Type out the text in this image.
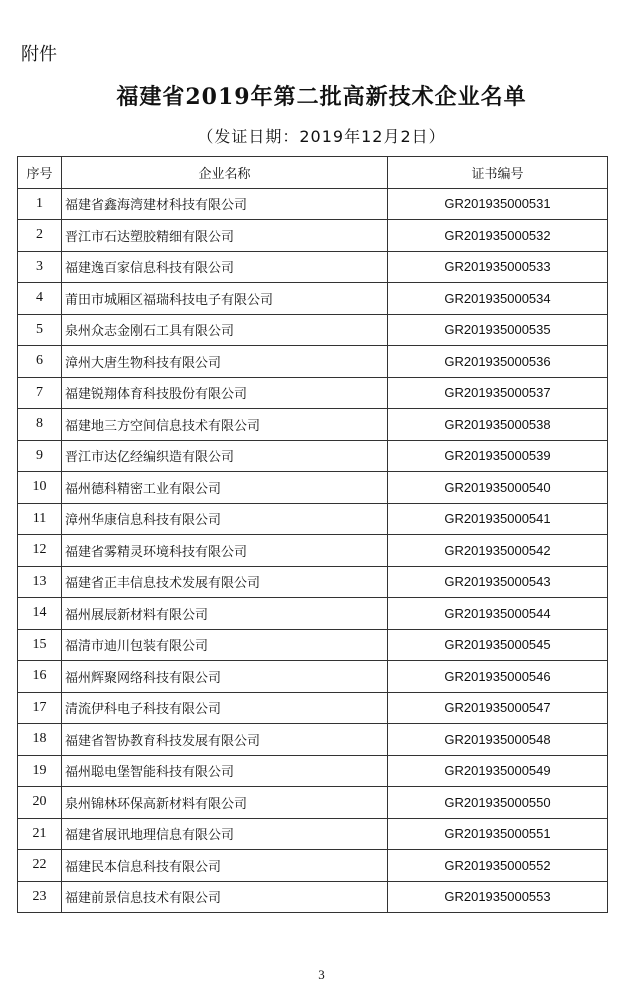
附件
福建省2019年第二批高新技术企业名单
（发证日期：2019年12月2日）
序号	企业名称	证书编号
1	福建省鑫海湾建材科技有限公司	GR201935000531
2	晋江市石达塑胶精细有限公司	GR201935000532
3	福建逸百家信息科技有限公司	GR201935000533
4	莆田市城厢区福瑞科技电子有限公司	GR201935000534
5	泉州众志金刚石工具有限公司	GR201935000535
6	漳州大唐生物科技有限公司	GR201935000536
7	福建锐翔体育科技股份有限公司	GR201935000537
8	福建地三方空间信息技术有限公司	GR201935000538
9	晋江市达亿经编织造有限公司	GR201935000539
10	福州德科精密工业有限公司	GR201935000540
11	漳州华康信息科技有限公司	GR201935000541
12	福建省雾精灵环境科技有限公司	GR201935000542
13	福建省正丰信息技术发展有限公司	GR201935000543
14	福州展辰新材料有限公司	GR201935000544
15	福清市迪川包装有限公司	GR201935000545
16	福州辉聚网络科技有限公司	GR201935000546
17	清流伊科电子科技有限公司	GR201935000547
18	福建省智协教育科技发展有限公司	GR201935000548
19	福州聪电堡智能科技有限公司	GR201935000549
20	泉州锦林环保高新材料有限公司	GR201935000550
21	福建省展讯地理信息有限公司	GR201935000551
22	福建民本信息科技有限公司	GR201935000552
23	福建前景信息技术有限公司	GR201935000553
3
